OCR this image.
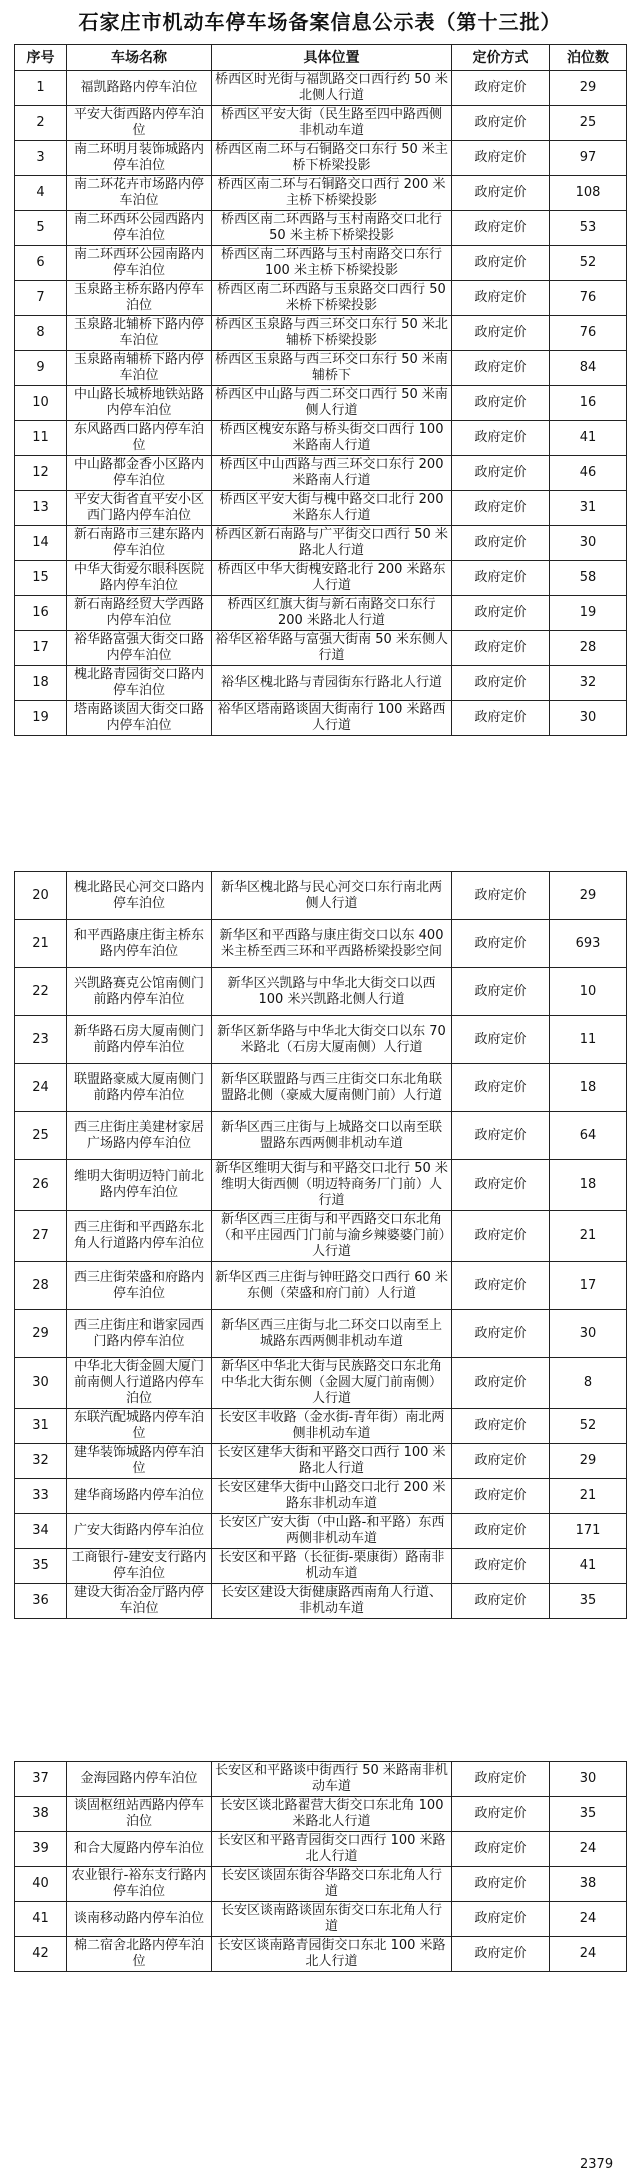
石家庄市机动车停车场备案信息公示表（第十三批）
序号	车场名称	具体位置	定价方式	泊位数
1	福凯路路内停车泊位	桥西区时光街与福凯路交口西行约 50 米北侧人行道	政府定价	29
2	平安大街西路内停车泊位	桥西区平安大街（民生路至四中路西侧非机动车道	政府定价	25
3	南二环明月装饰城路内停车泊位	桥西区南二环与石铜路交口东行 50 米主桥下桥梁投影	政府定价	97
4	南二环花卉市场路内停车泊位	桥西区南二环与石铜路交口西行 200 米主桥下桥梁投影	政府定价	108
5	南二环西环公园西路内停车泊位	桥西区南二环西路与玉村南路交口北行 50 米主桥下桥梁投影	政府定价	53
6	南二环西环公园南路内停车泊位	桥西区南二环西路与玉村南路交口东行 100 米主桥下桥梁投影	政府定价	52
7	玉泉路主桥东路内停车泊位	桥西区南二环西路与玉泉路交口西行 50 米桥下桥梁投影	政府定价	76
8	玉泉路北辅桥下路内停车泊位	桥西区玉泉路与西三环交口东行 50 米北辅桥下桥梁投影	政府定价	76
9	玉泉路南辅桥下路内停车泊位	桥西区玉泉路与西三环交口东行 50 米南辅桥下	政府定价	84
10	中山路长城桥地铁站路内停车泊位	桥西区中山路与西二环交口西行 50 米南侧人行道	政府定价	16
11	东风路西口路内停车泊位	桥西区槐安东路与桥头街交口西行 100 米路南人行道	政府定价	41
12	中山路都金香小区路内停车泊位	桥西区中山西路与西三环交口东行 200 米路南人行道	政府定价	46
13	平安大街省直平安小区西门路内停车泊位	桥西区平安大街与槐中路交口北行 200 米路东人行道	政府定价	31
14	新石南路市三建东路内停车泊位	桥西区新石南路与广平街交口西行 50 米路北人行道	政府定价	30
15	中华大街爱尔眼科医院路内停车泊位	桥西区中华大街槐安路北行 200 米路东人行道	政府定价	58
16	新石南路经贸大学西路内停车泊位	桥西区红旗大街与新石南路交口东行 200 米路北人行道	政府定价	19
17	裕华路富强大街交口路内停车泊位	裕华区裕华路与富强大街南 50 米东侧人行道	政府定价	28
18	槐北路青园街交口路内停车泊位	裕华区槐北路与青园街东行路北人行道	政府定价	32
19	塔南路谈固大街交口路内停车泊位	裕华区塔南路谈固大街南行 100 米路西人行道	政府定价	30
20	槐北路民心河交口路内停车泊位	新华区槐北路与民心河交口东行南北两侧人行道	政府定价	29
21	和平西路康庄街主桥东路内停车泊位	新华区和平西路与康庄街交口以东 400 米主桥至西三环和平西路桥梁投影空间	政府定价	693
22	兴凯路赛克公馆南侧门前路内停车泊位	新华区兴凯路与中华北大街交口以西 100 米兴凯路北侧人行道	政府定价	10
23	新华路石房大厦南侧门前路内停车泊位	新华区新华路与中华北大街交口以东 70 米路北（石房大厦南侧）人行道	政府定价	11
24	联盟路豪威大厦南侧门前路内停车泊位	新华区联盟路与西三庄街交口东北角联盟路北侧（豪威大厦南侧门前）人行道	政府定价	18
25	西三庄街庄美建材家居广场路内停车泊位	新华区西三庄街与上城路交口以南至联盟路东西两侧非机动车道	政府定价	64
26	维明大街明迈特门前北路内停车泊位	新华区维明大街与和平路交口北行 50 米维明大街西侧（明迈特商务厂门前）人行道	政府定价	18
27	西三庄街和平西路东北角人行道路内停车泊位	新华区西三庄街与和平西路交口东北角（和平庄园西门门前与渝乡辣婆婆门前）人行道	政府定价	21
28	西三庄街荣盛和府路内停车泊位	新华区西三庄街与钟旺路交口西行 60 米东侧（荣盛和府门前）人行道	政府定价	17
29	西三庄街庄和谐家园西门路内停车泊位	新华区西三庄街与北二环交口以南至上城路东西两侧非机动车道	政府定价	30
30	中华北大街金圆大厦门前南侧人行道路内停车泊位	新华区中华北大街与民族路交口东北角中华北大街东侧（金圆大厦门前南侧）人行道	政府定价	8
31	东联汽配城路内停车泊位	长安区丰收路（金水街-青年街）南北两侧非机动车道	政府定价	52
32	建华装饰城路内停车泊位	长安区建华大街和平路交口西行 100 米路北人行道	政府定价	29
33	建华商场路内停车泊位	长安区建华大街中山路交口北行 200 米路东非机动车道	政府定价	21
34	广安大街路内停车泊位	长安区广安大街（中山路-和平路）东西两侧非机动车道	政府定价	171
35	工商银行-建安支行路内停车泊位	长安区和平路（长征街-栗康街）路南非机动车道	政府定价	41
36	建设大街冶金厅路内停车泊位	长安区建设大街健康路西南角人行道、非机动车道	政府定价	35
37	金海园路内停车泊位	长安区和平路谈中街西行 50 米路南非机动车道	政府定价	30
38	谈固枢纽站西路内停车泊位	长安区谈北路翟营大街交口东北角 100 米路北人行道	政府定价	35
39	和合大厦路内停车泊位	长安区和平路青园街交口西行 100 米路北人行道	政府定价	24
40	农业银行-裕东支行路内停车泊位	长安区谈固东街谷华路交口东北角人行道	政府定价	38
41	谈南移动路内停车泊位	长安区谈南路谈固东街交口东北角人行道	政府定价	24
42	棉二宿舍北路内停车泊位	长安区谈南路青园街交口东北 100 米路北人行道	政府定价	24
2379
